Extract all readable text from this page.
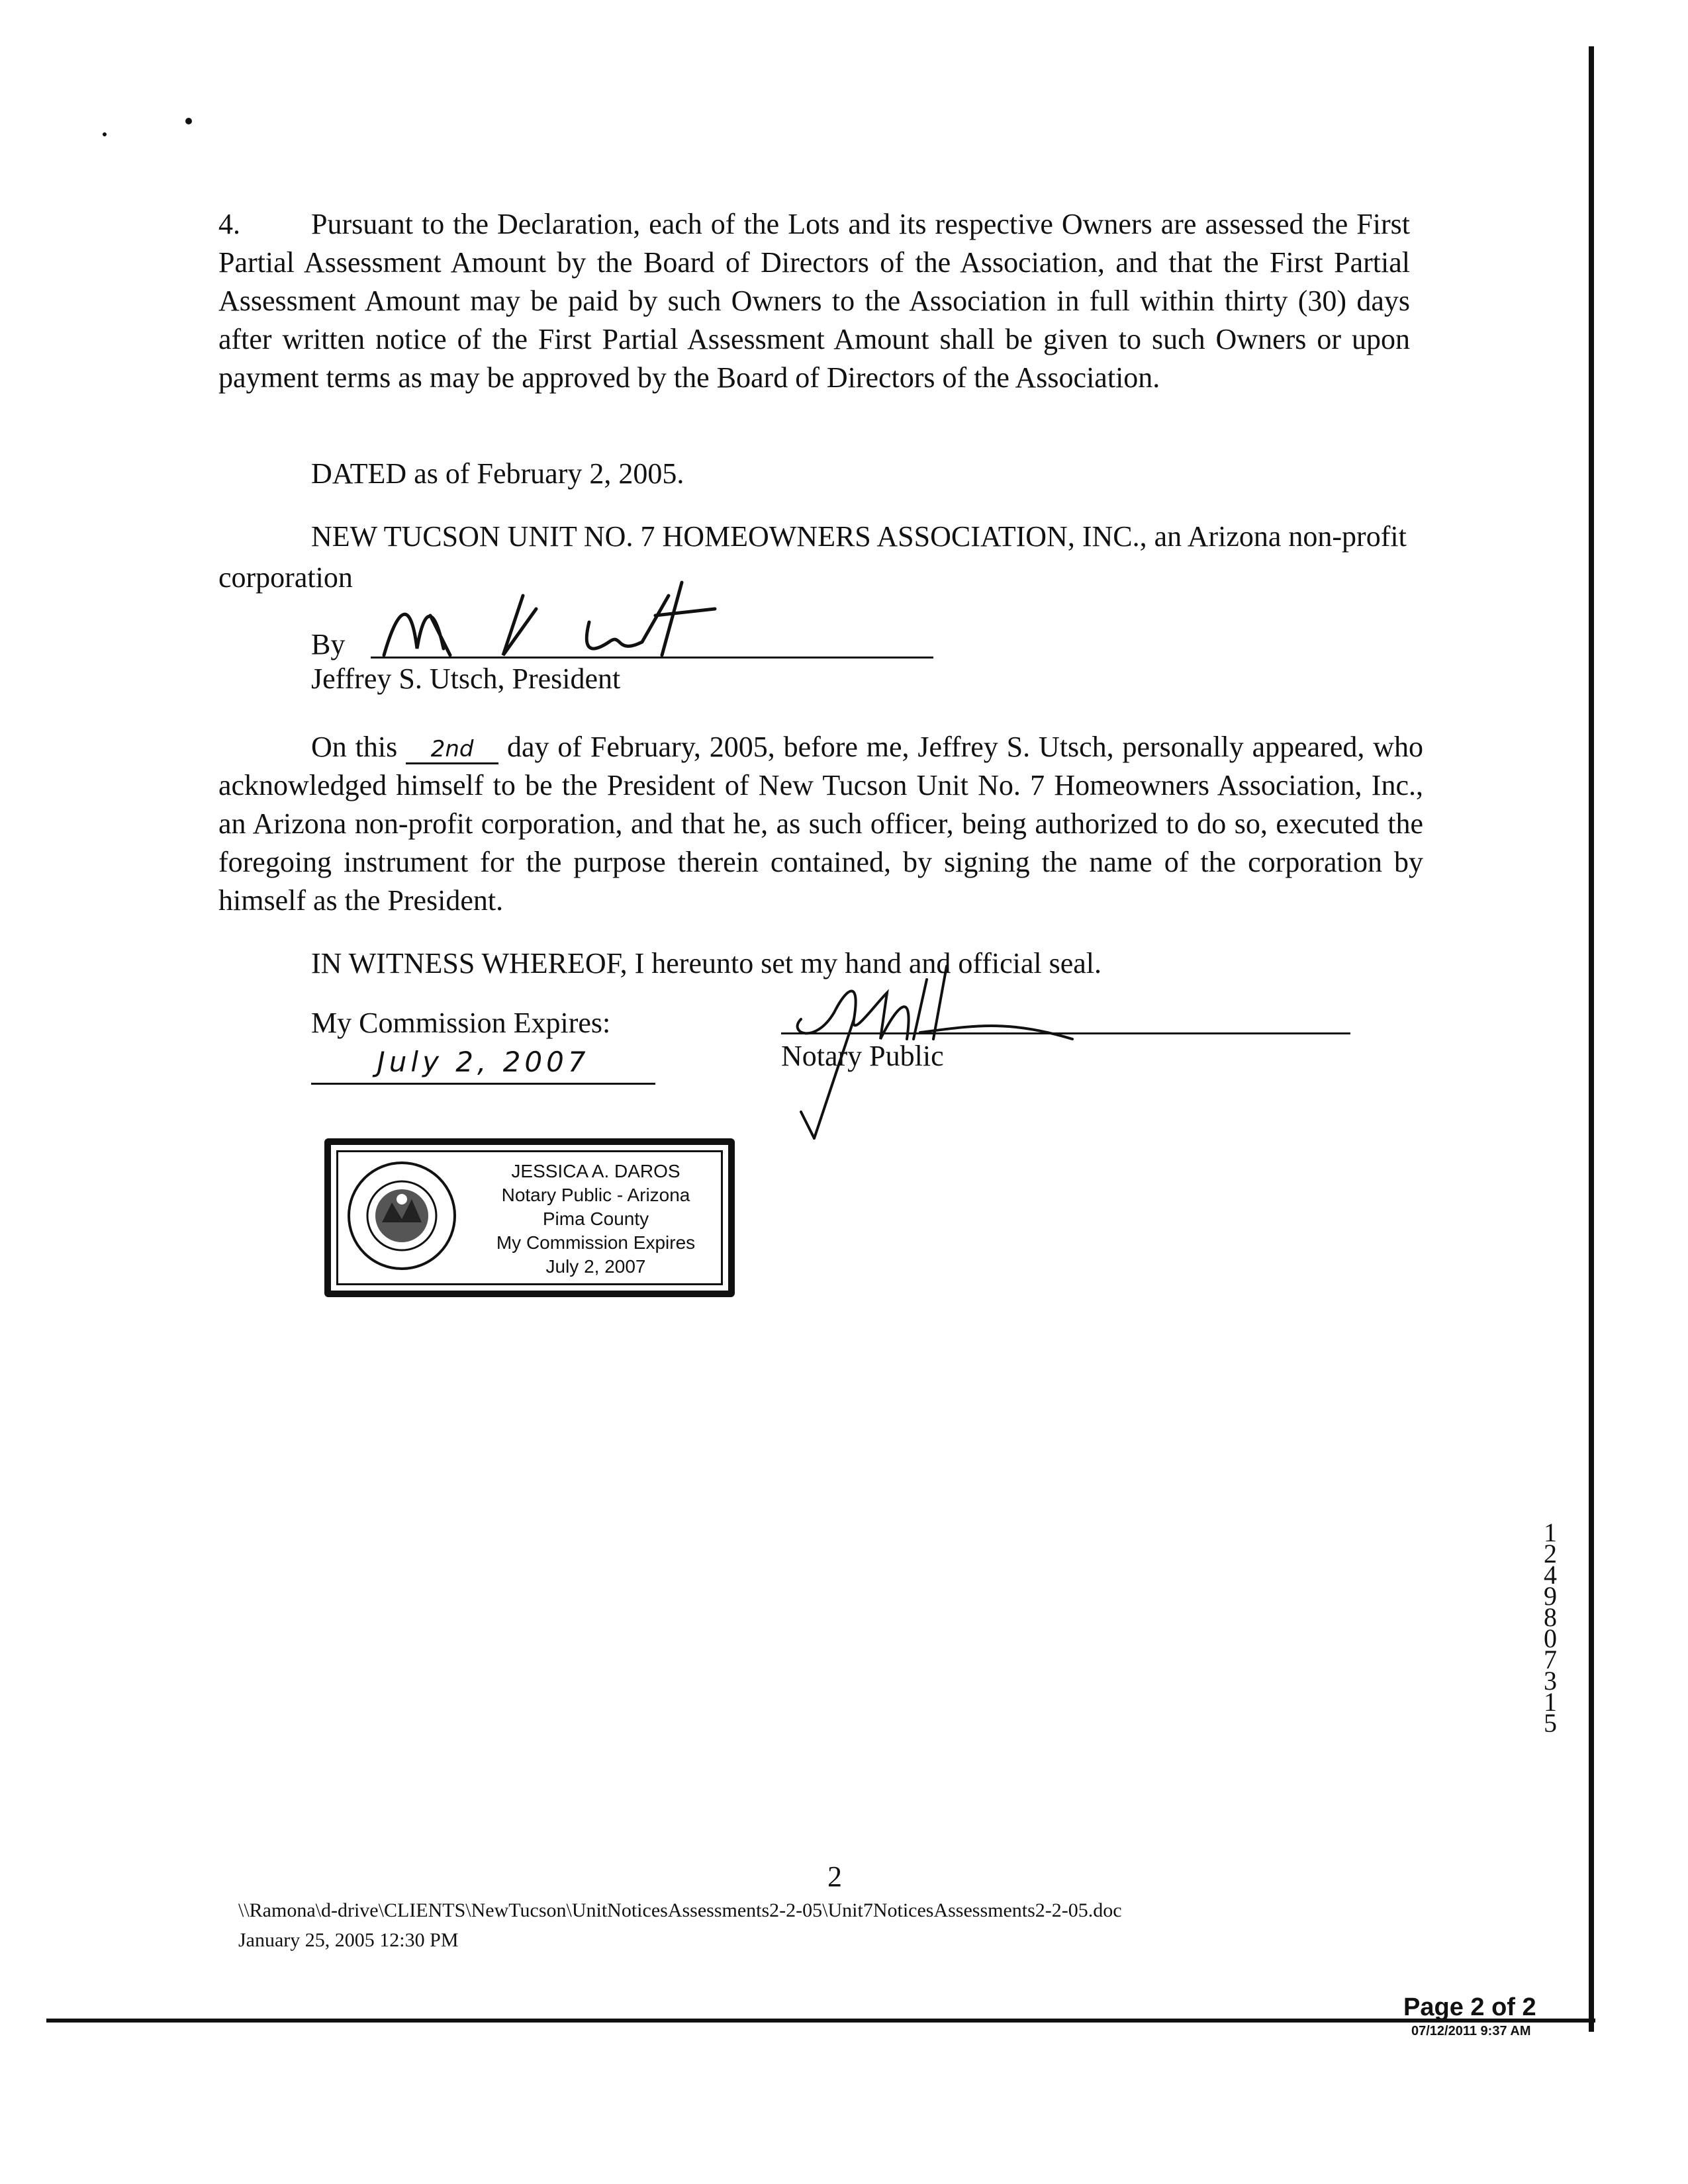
4. Pursuant to the Declaration, each of the Lots and its respective Owners are assessed the First Partial Assessment Amount by the Board of Directors of the Association, and that the First Partial Assessment Amount may be paid by such Owners to the Association in full within thirty (30) days after written notice of the First Partial Assessment Amount shall be given to such Owners or upon payment terms as may be approved by the Board of Directors of the Association.
DATED as of February 2, 2005.
NEW TUCSON UNIT NO. 7 HOMEOWNERS ASSOCIATION, INC., an Arizona non-profit corporation
By
Jeffrey S. Utsch, President
On this 2nd day of February, 2005, before me, Jeffrey S. Utsch, personally appeared, who acknowledged himself to be the President of New Tucson Unit No. 7 Homeowners Association, Inc., an Arizona non-profit corporation, and that he, as such officer, being authorized to do so, executed the foregoing instrument for the purpose therein contained, by signing the name of the corporation by himself as the President.
IN WITNESS WHEREOF, I hereunto set my hand and official seal.
My Commission Expires:
July 2, 2007	Notary Public
JESSICA A. DAROS
Notary Public - Arizona
Pima County
My Commission Expires
July 2, 2007
2
\\Ramona\d-drive\CLIENTS\NewTucson\UnitNoticesAssessments2-2-05\Unit7NoticesAssessments2-2-05.doc
January 25, 2005 12:30 PM
1
2
4
9
8
0
7
3
1
5
Page 2 of 2
07/12/2011 9:37 AM
